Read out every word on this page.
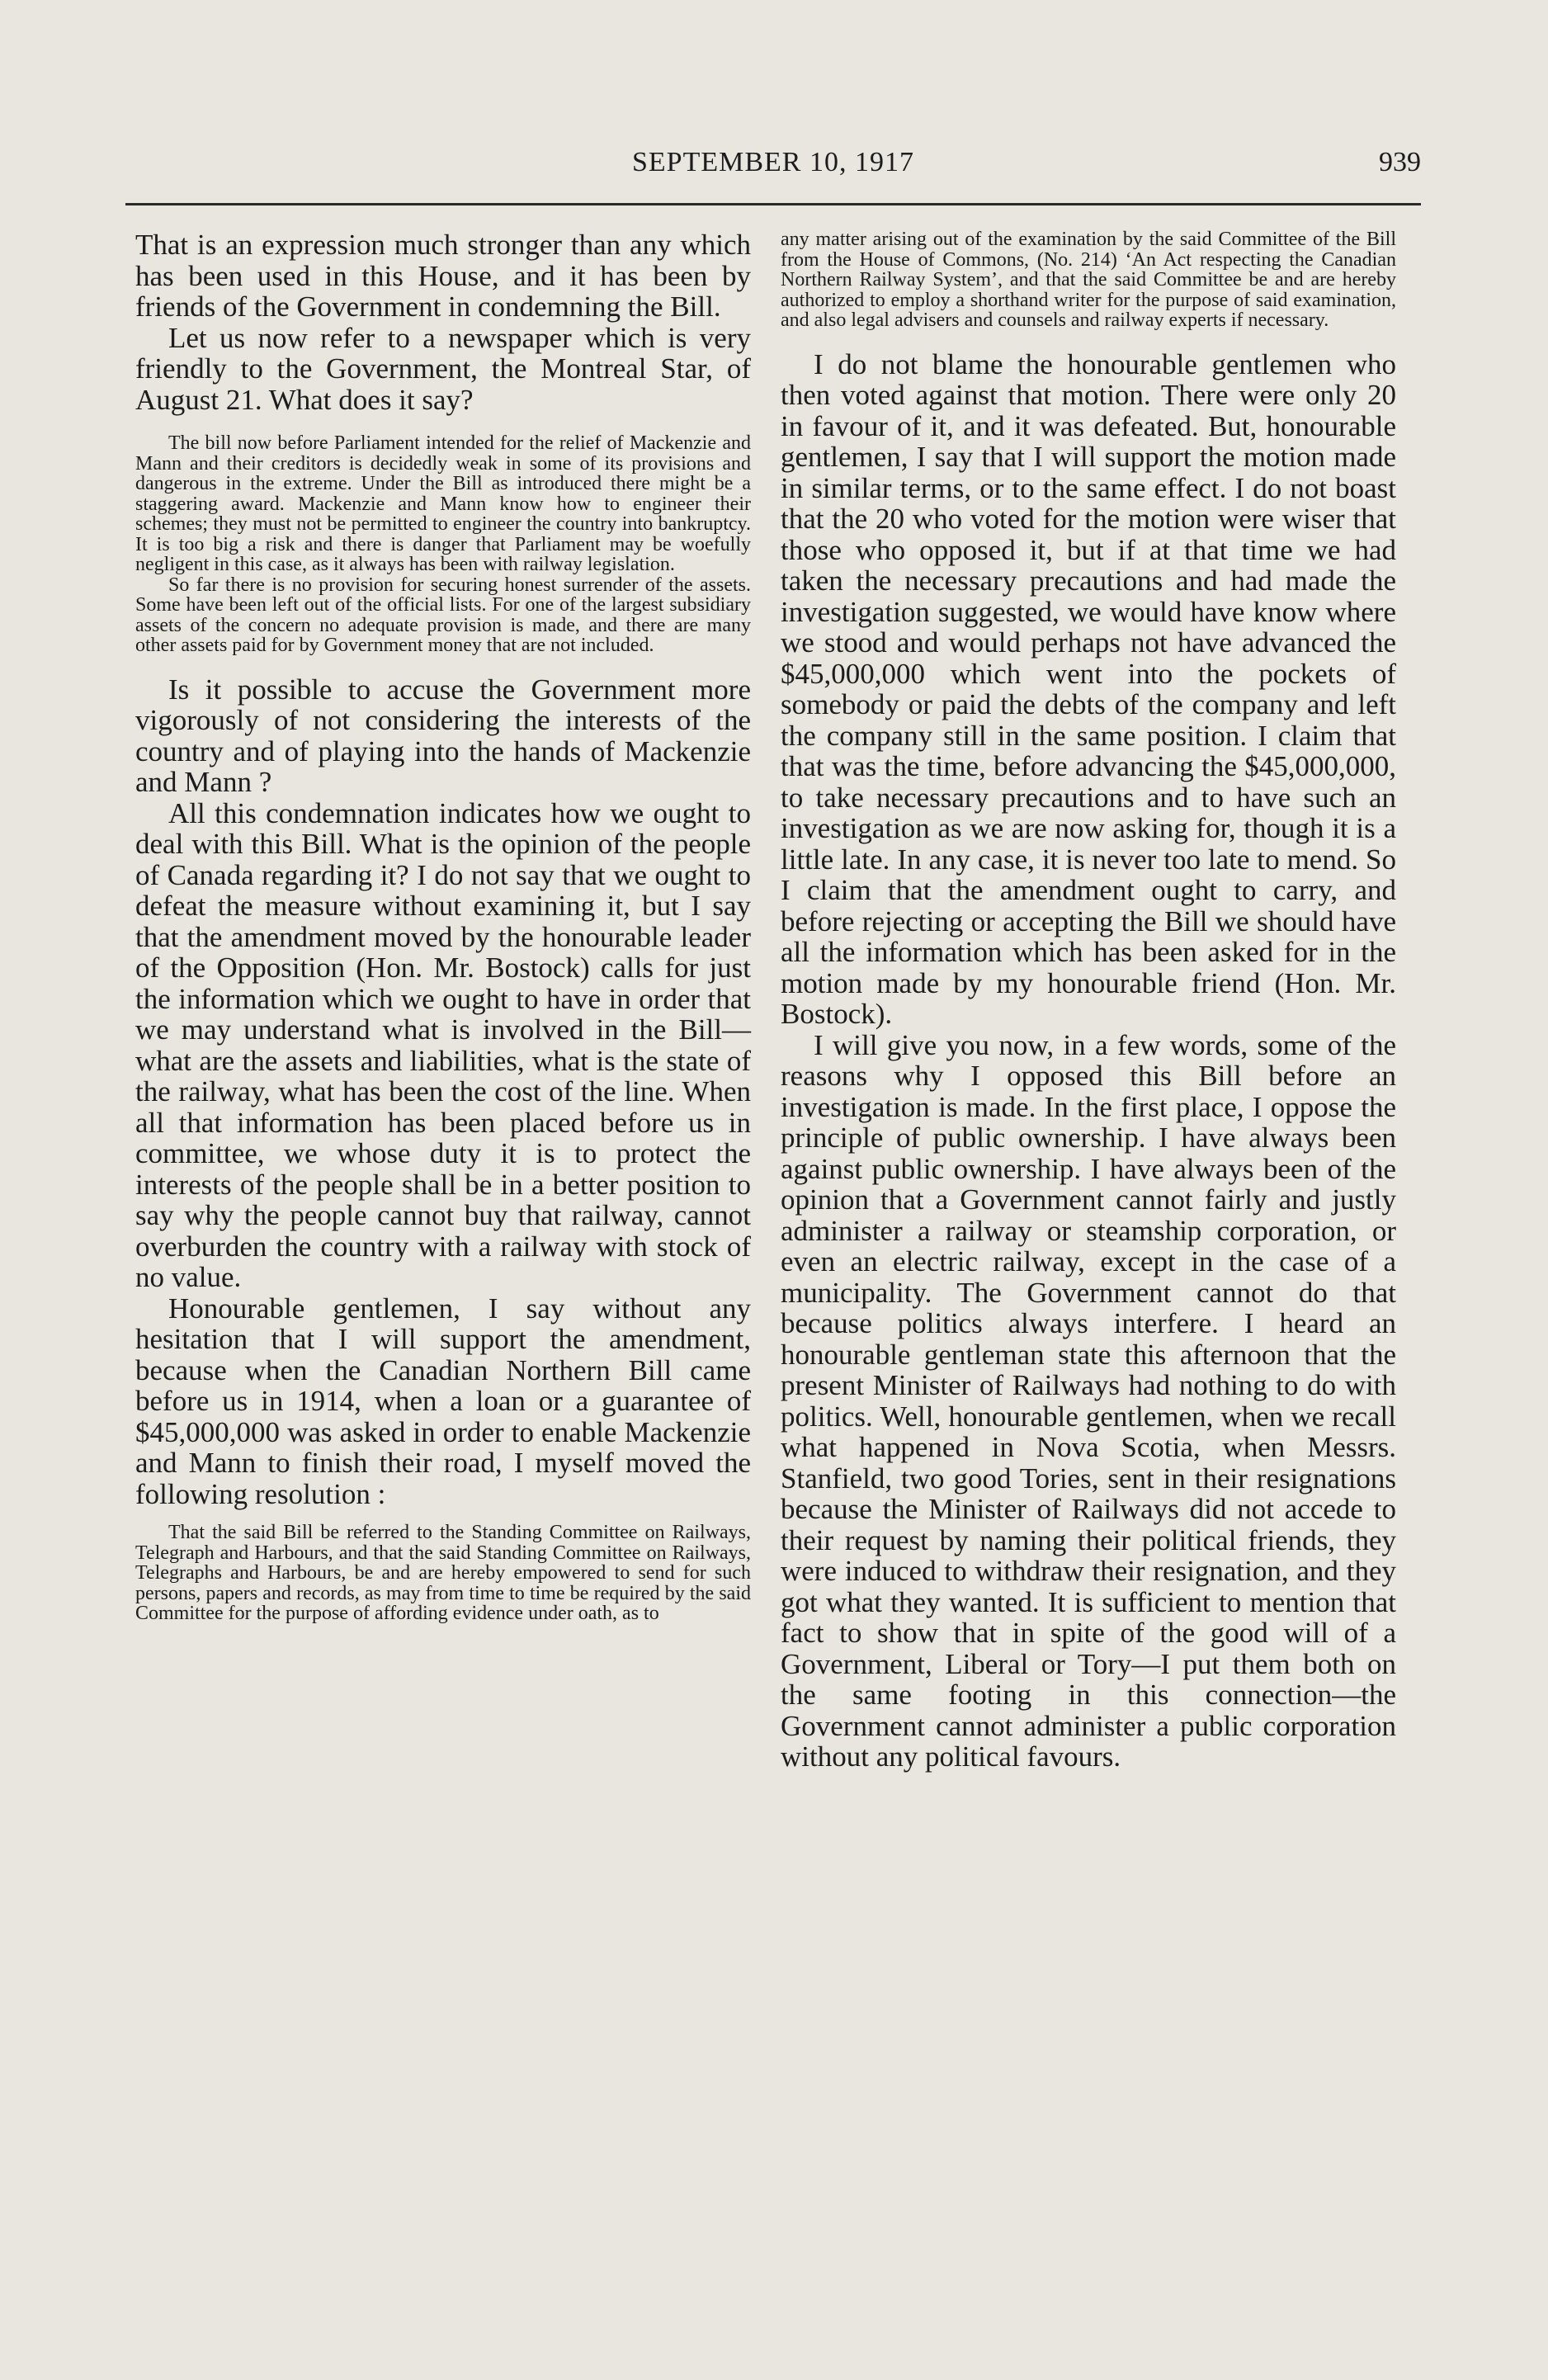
SEPTEMBER 10, 1917	939

That is an expression much stronger than any which has been used in this House, and it has been by friends of the Government in condemning the Bill.

Let us now refer to a newspaper which is very friendly to the Government, the Montreal Star, of August 21. What does it say?

The bill now before Parliament intended for the relief of Mackenzie and Mann and their creditors is decidedly weak in some of its provisions and dangerous in the extreme. Under the Bill as introduced there might be a staggering award. Mackenzie and Mann know how to engineer their schemes; they must not be permitted to engineer the country into bankruptcy. It is too big a risk and there is danger that Parliament may be woefully negligent in this case, as it always has been with railway legislation.

So far there is no provision for securing honest surrender of the assets. Some have been left out of the official lists. For one of the largest subsidiary assets of the concern no adequate provision is made, and there are many other assets paid for by Government money that are not included.

Is it possible to accuse the Government more vigorously of not considering the interests of the country and of playing into the hands of Mackenzie and Mann ?

All this condemnation indicates how we ought to deal with this Bill. What is the opinion of the people of Canada regarding it? I do not say that we ought to defeat the measure without examining it, but I say that the amendment moved by the honourable leader of the Opposition (Hon. Mr. Bostock) calls for just the information which we ought to have in order that we may understand what is involved in the Bill—what are the assets and liabilities, what is the state of the railway, what has been the cost of the line. When all that information has been placed before us in committee, we whose duty it is to protect the interests of the people shall be in a better position to say why the people cannot buy that railway, cannot overburden the country with a railway with stock of no value.

Honourable gentlemen, I say without any hesitation that I will support the amendment, because when the Canadian Northern Bill came before us in 1914, when a loan or a guarantee of $45,000,000 was asked in order to enable Mackenzie and Mann to finish their road, I myself moved the following resolution :

That the said Bill be referred to the Standing Committee on Railways, Telegraph and Harbours, and that the said Standing Committee on Railways, Telegraphs and Harbours, be and are hereby empowered to send for such persons, papers and records, as may from time to time be required by the said Committee for the purpose of affording evidence under oath, as to

any matter arising out of the examination by the said Committee of the Bill from the House of Commons, (No. 214) ‘An Act respecting the Canadian Northern Railway System’, and that the said Committee be and are hereby authorized to employ a shorthand writer for the purpose of said examination, and also legal advisers and counsels and railway experts if necessary.

I do not blame the honourable gentlemen who then voted against that motion. There were only 20 in favour of it, and it was defeated. But, honourable gentlemen, I say that I will support the motion made in similar terms, or to the same effect. I do not boast that the 20 who voted for the motion were wiser that those who opposed it, but if at that time we had taken the necessary precautions and had made the investigation suggested, we would have know where we stood and would perhaps not have advanced the $45,000,000 which went into the pockets of somebody or paid the debts of the company and left the company still in the same position. I claim that that was the time, before advancing the $45,000,000, to take necessary precautions and to have such an investigation as we are now asking for, though it is a little late. In any case, it is never too late to mend. So I claim that the amendment ought to carry, and before rejecting or accepting the Bill we should have all the information which has been asked for in the motion made by my honourable friend (Hon. Mr. Bostock).

I will give you now, in a few words, some of the reasons why I opposed this Bill before an investigation is made. In the first place, I oppose the principle of public ownership. I have always been against public ownership. I have always been of the opinion that a Government cannot fairly and justly administer a railway or steamship corporation, or even an electric railway, except in the case of a municipality. The Government cannot do that because politics always interfere. I heard an honourable gentleman state this afternoon that the present Minister of Railways had nothing to do with politics. Well, honourable gentlemen, when we recall what happened in Nova Scotia, when Messrs. Stanfield, two good Tories, sent in their resignations because the Minister of Railways did not accede to their request by naming their political friends, they were induced to withdraw their resignation, and they got what they wanted. It is sufficient to mention that fact to show that in spite of the good will of a Government, Liberal or Tory—I put them both on the same footing in this connection—the Government cannot administer a public corporation without any political favours.
